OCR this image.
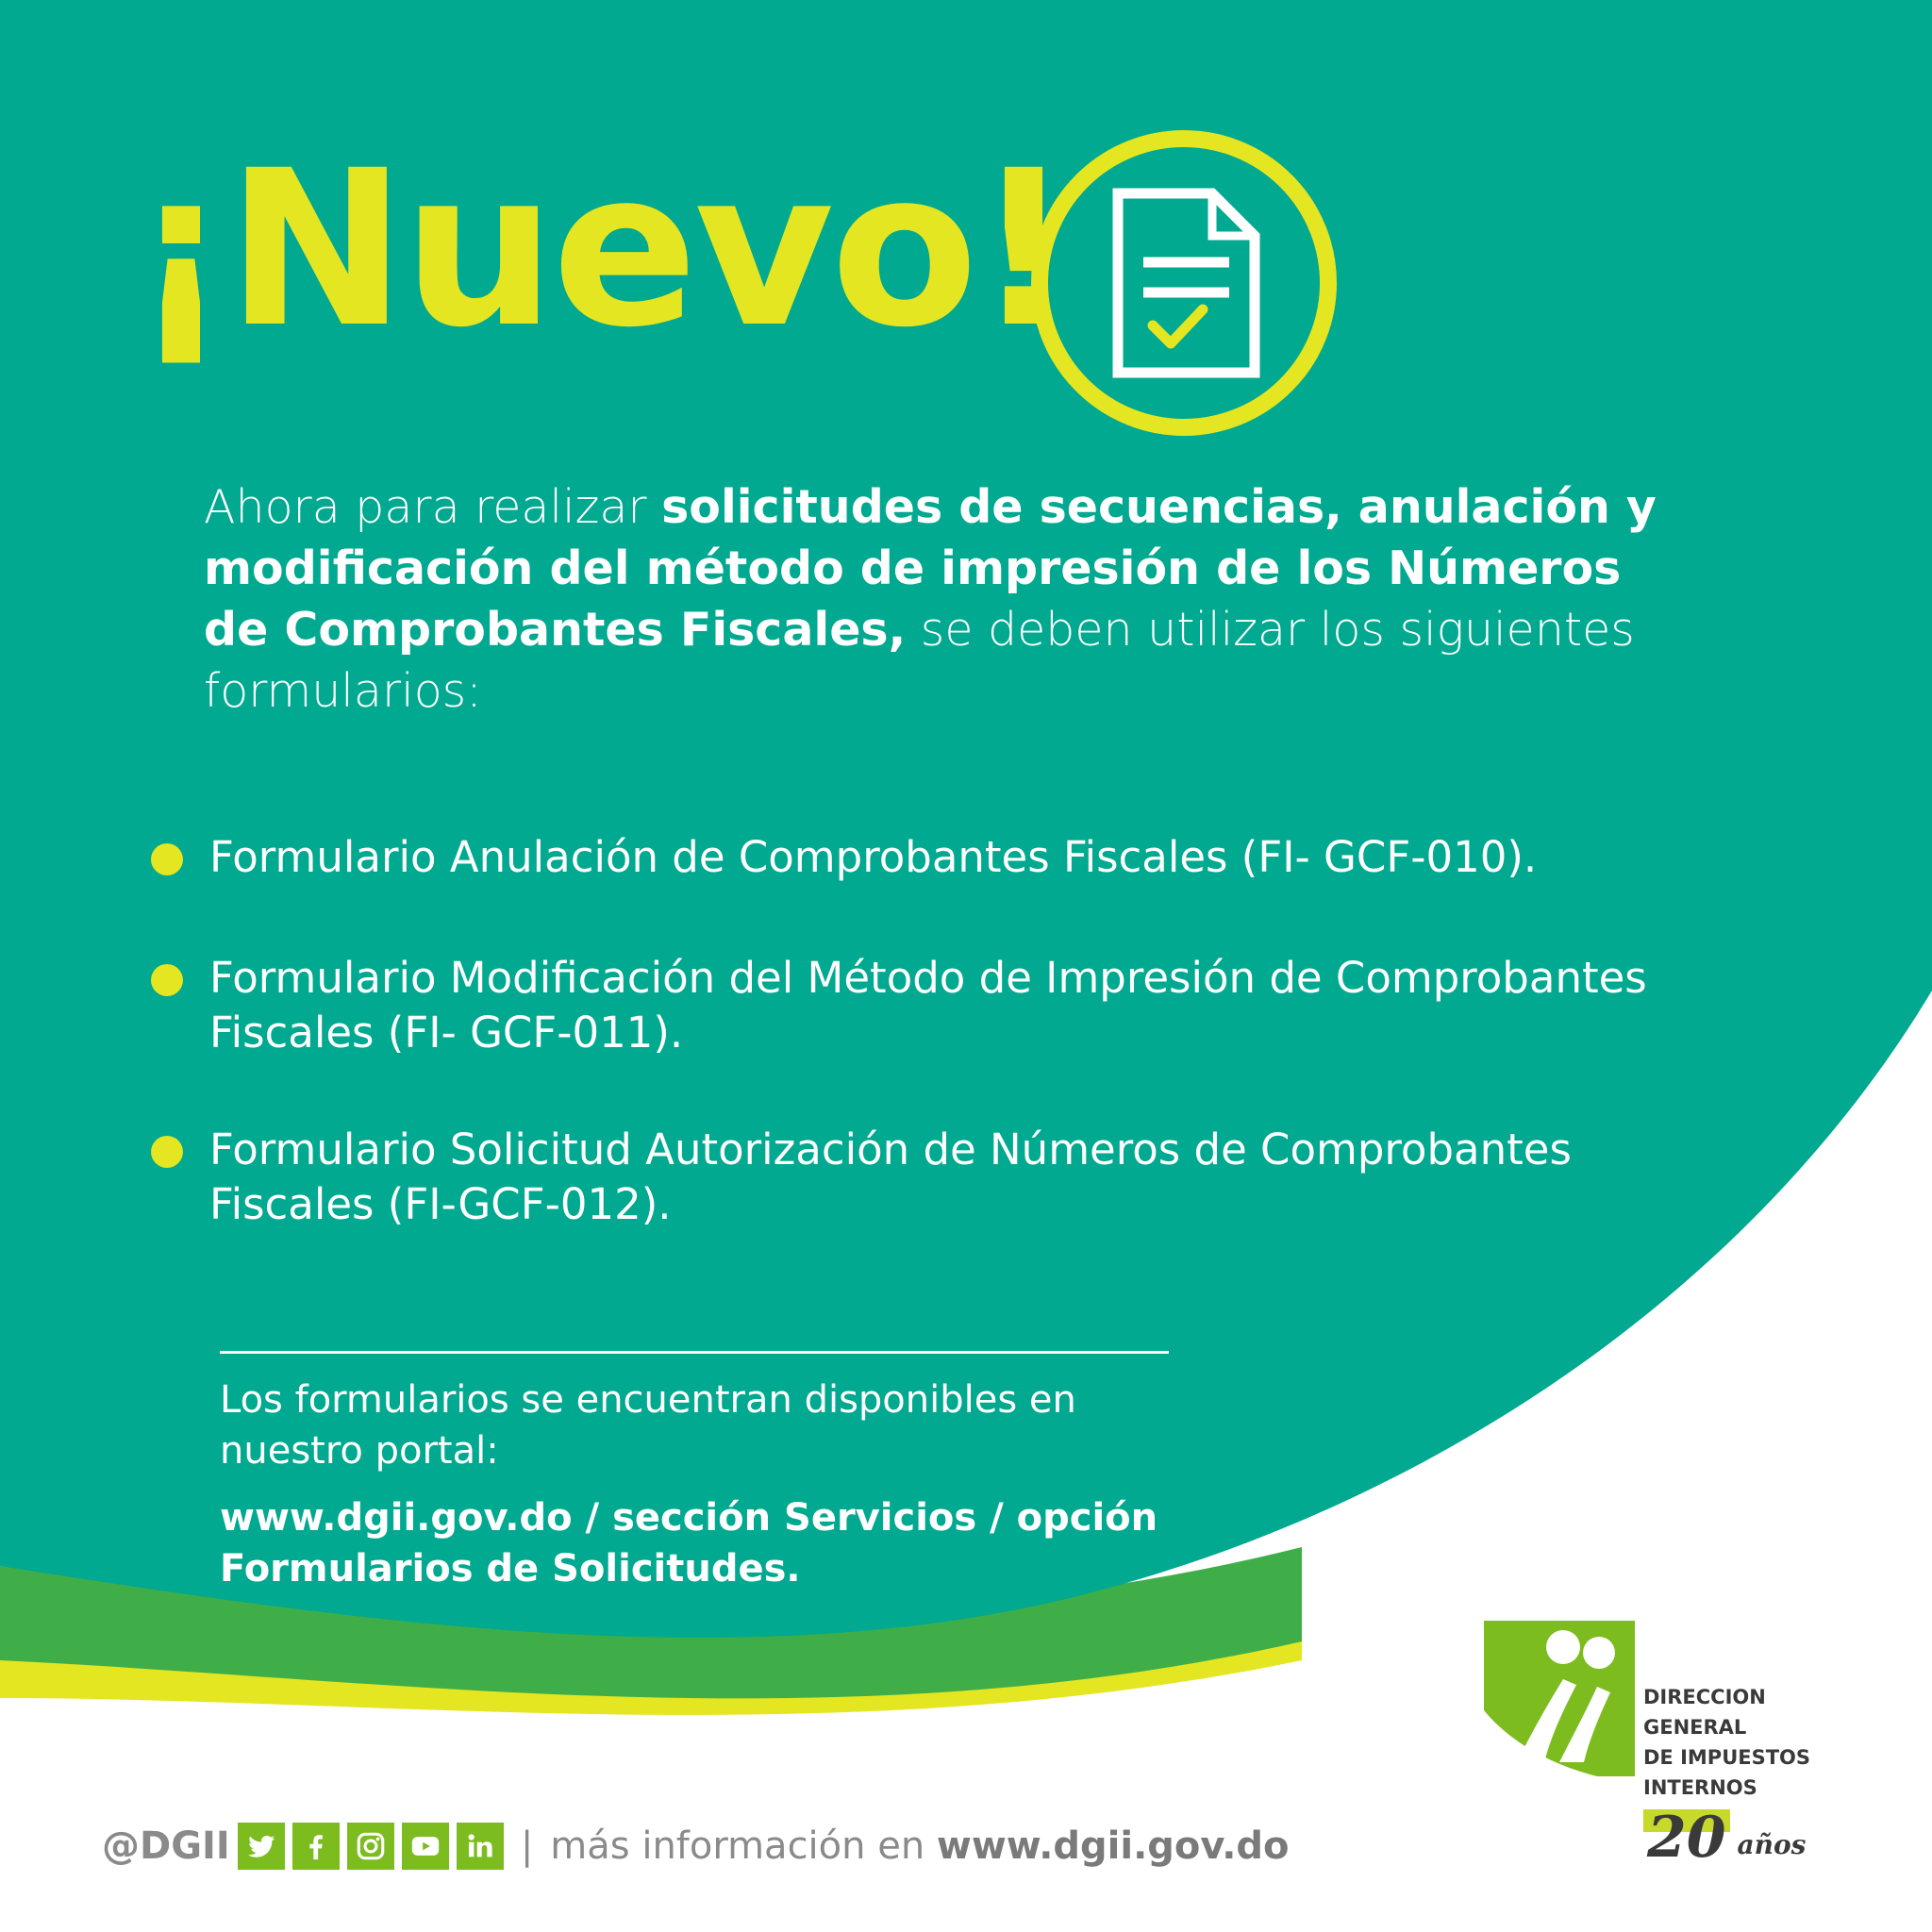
¡Nuevo!

Ahora para realizar solicitudes de secuencias, anulación y modificación del método de impresión de los Números de Comprobantes Fiscales, se deben utilizar los siguientes formularios:

Formulario Anulación de Comprobantes Fiscales (FI- GCF-010).
Formulario Modificación del Método de Impresión de Comprobantes Fiscales (FI- GCF-011).
Formulario Solicitud Autorización de Números de Comprobantes Fiscales (FI-GCF-012).

Los formularios se encuentran disponibles en nuestro portal:

www.dgii.gov.do / sección Servicios / opción Formularios de Solicitudes.

@DGII	| más información en www.dgii.gov.do

DIRECCION GENERAL
DE IMPUESTOS
INTERNOS

20 años
